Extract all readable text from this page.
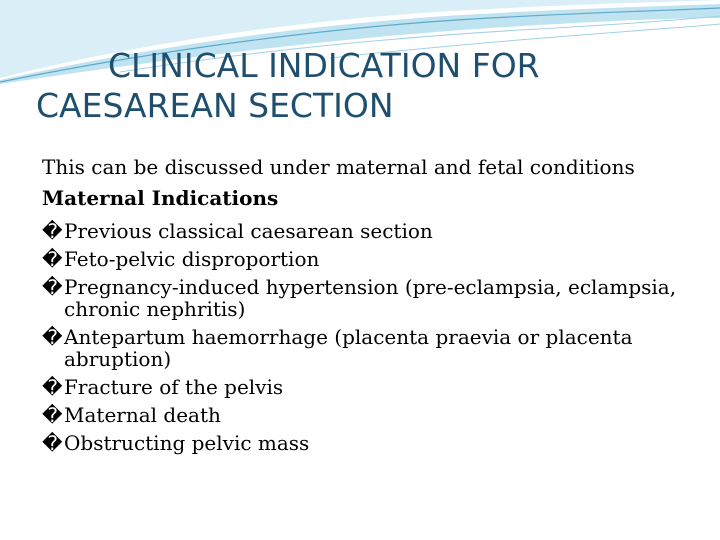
CLINICAL INDICATION FOR
CAESAREAN SECTION
This can be discussed under maternal and fetal conditions
Maternal Indications
� Previous classical caesarean section
� Feto-pelvic disproportion
� Pregnancy-induced hypertension (pre-eclampsia, eclampsia, chronic nephritis)
� Antepartum haemorrhage (placenta praevia or placenta abruption)
� Fracture of the pelvis
� Maternal death
� Obstructing pelvic mass
